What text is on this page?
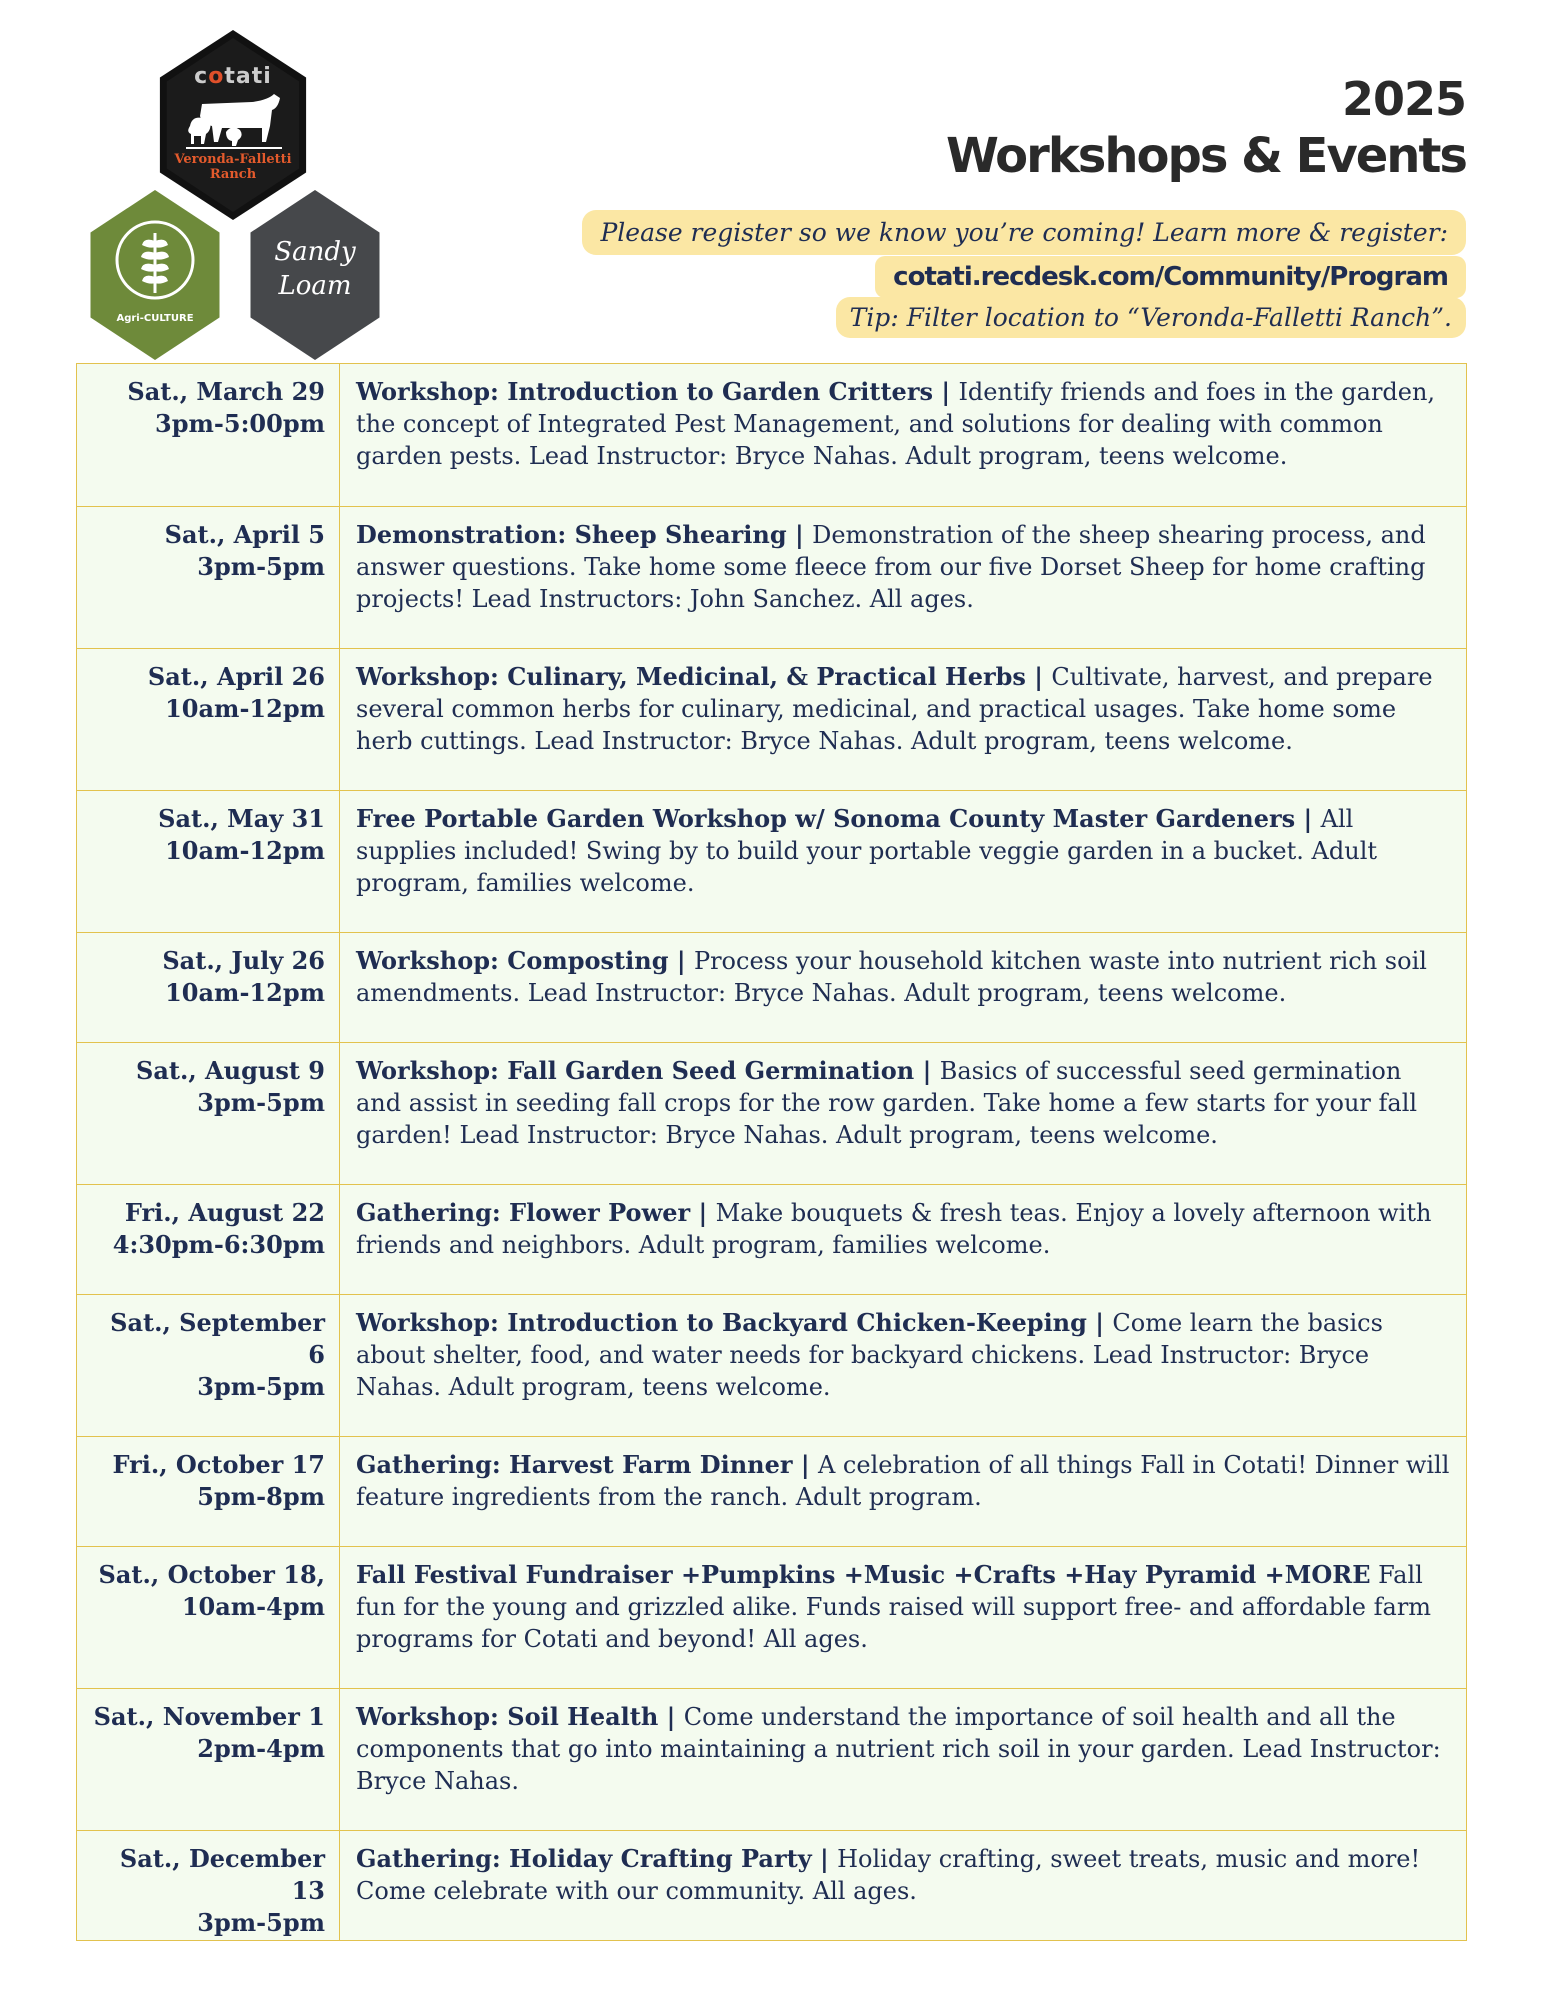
cotati
Veronda-Falletti Ranch
Agri-CULTURE
Sandy
Loam
2025
Workshops & Events
Please register so we know you’re coming! Learn more & register:
cotati.recdesk.com/Community/Program
Tip: Filter location to “Veronda-Falletti Ranch”.
Sat., March 29
3pm-5:00pm
Workshop: Introduction to Garden Critters | Identify friends and foes in the garden, the concept of Integrated Pest Management, and solutions for dealing with common garden pests. Lead Instructor: Bryce Nahas. Adult program, teens welcome.
Sat., April 5
3pm-5pm
Demonstration: Sheep Shearing | Demonstration of the sheep shearing process, and answer questions. Take home some fleece from our five Dorset Sheep for home crafting projects! Lead Instructors: John Sanchez. All ages.
Sat., April 26
10am-12pm
Workshop: Culinary, Medicinal, & Practical Herbs | Cultivate, harvest, and prepare several common herbs for culinary, medicinal, and practical usages. Take home some herb cuttings. Lead Instructor: Bryce Nahas. Adult program, teens welcome.
Sat., May 31
10am-12pm
Free Portable Garden Workshop w/ Sonoma County Master Gardeners | All supplies included! Swing by to build your portable veggie garden in a bucket. Adult program, families welcome.
Sat., July 26
10am-12pm
Workshop: Composting | Process your household kitchen waste into nutrient rich soil amendments. Lead Instructor: Bryce Nahas. Adult program, teens welcome.
Sat., August 9
3pm-5pm
Workshop: Fall Garden Seed Germination | Basics of successful seed germination and assist in seeding fall crops for the row garden. Take home a few starts for your fall garden! Lead Instructor: Bryce Nahas. Adult program, teens welcome.
Fri., August 22
4:30pm-6:30pm
Gathering: Flower Power | Make bouquets & fresh teas. Enjoy a lovely afternoon with friends and neighbors. Adult program, families welcome.
Sat., September 6
3pm-5pm
Workshop: Introduction to Backyard Chicken-Keeping | Come learn the basics about shelter, food, and water needs for backyard chickens. Lead Instructor: Bryce Nahas. Adult program, teens welcome.
Fri., October 17
5pm-8pm
Gathering: Harvest Farm Dinner | A celebration of all things Fall in Cotati! Dinner will feature ingredients from the ranch. Adult program.
Sat., October 18,
10am-4pm
Fall Festival Fundraiser +Pumpkins +Music +Crafts +Hay Pyramid +MORE Fall fun for the young and grizzled alike. Funds raised will support free- and affordable farm programs for Cotati and beyond! All ages.
Sat., November 1
2pm-4pm
Workshop: Soil Health | Come understand the importance of soil health and all the components that go into maintaining a nutrient rich soil in your garden. Lead Instructor: Bryce Nahas.
Sat., December 13
3pm-5pm
Gathering: Holiday Crafting Party | Holiday crafting, sweet treats, music and more! Come celebrate with our community. All ages.
